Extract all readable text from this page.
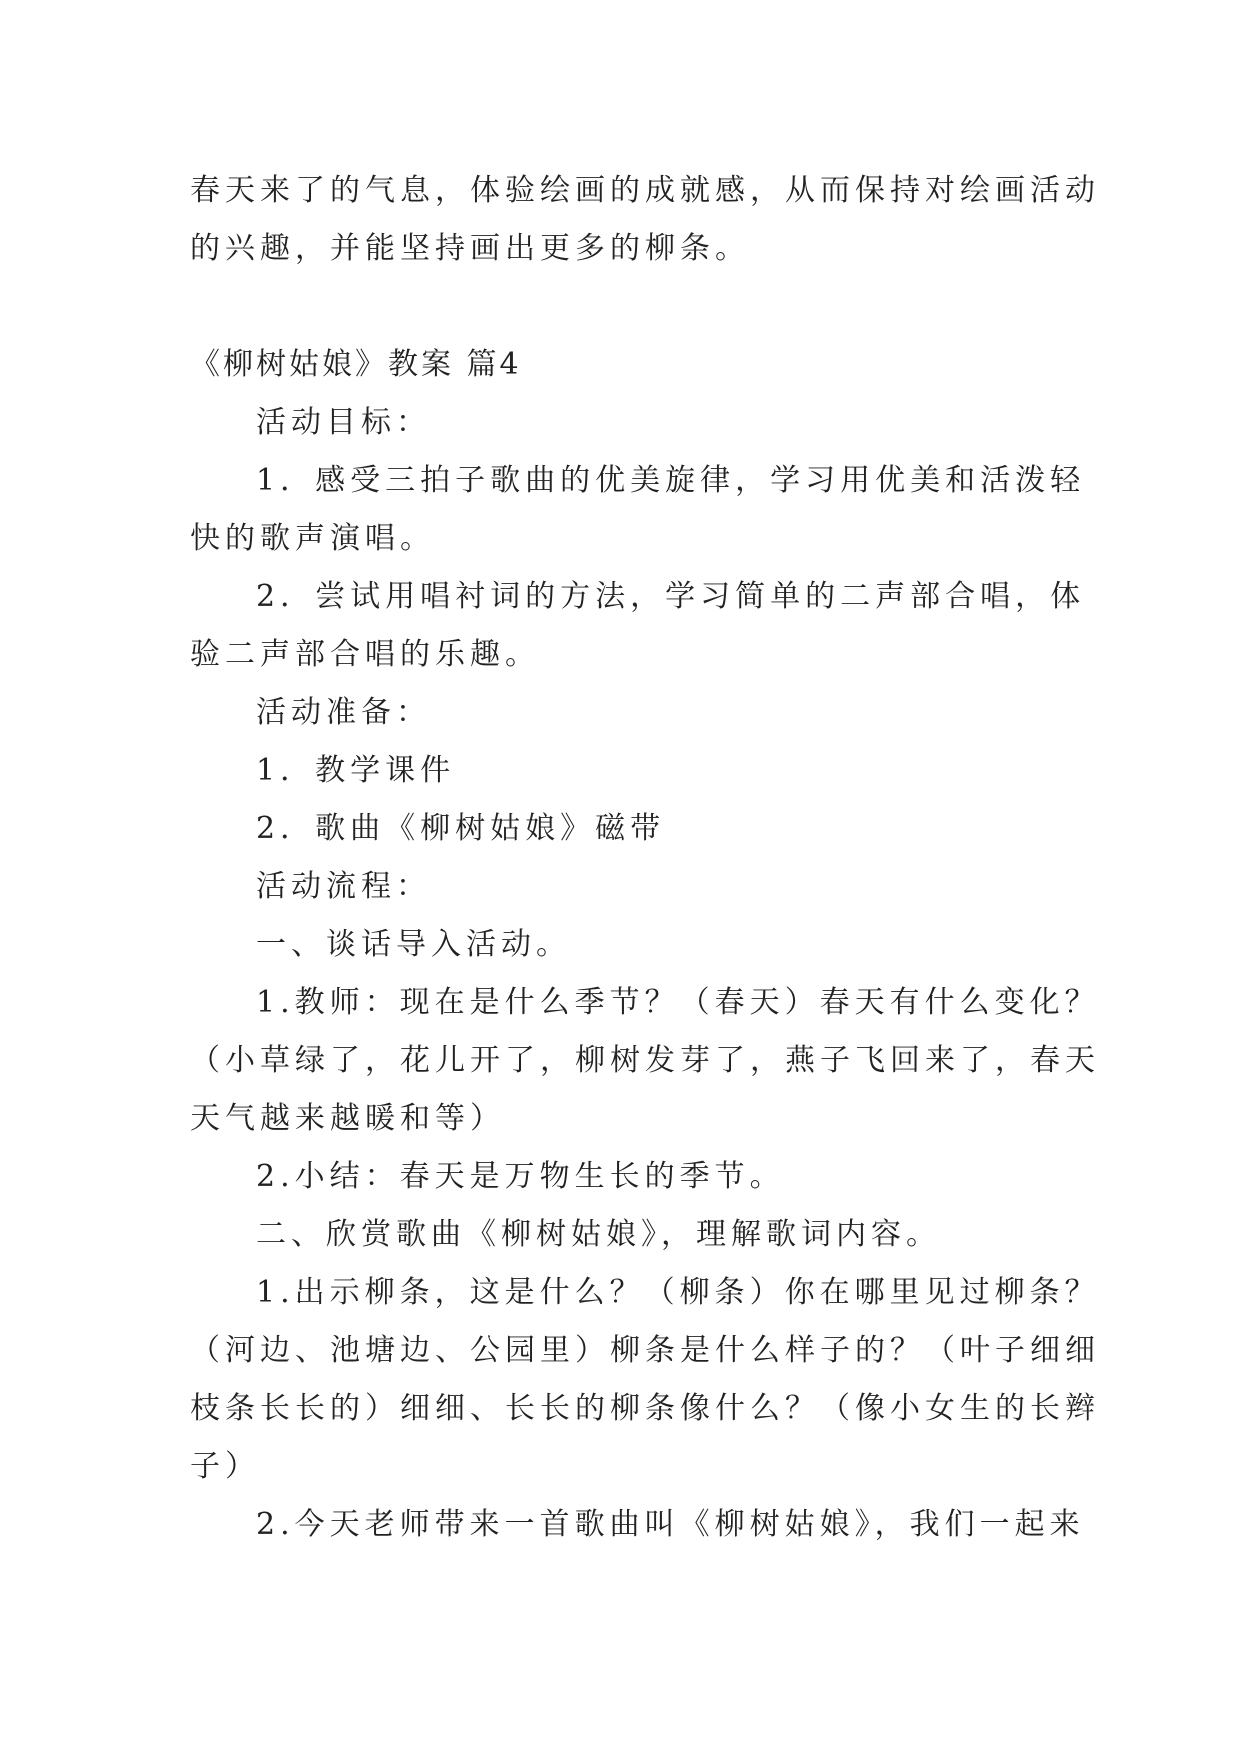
春天来了的气息，体验绘画的成就感，从而保持对绘画活动
的兴趣，并能坚持画出更多的柳条。
《柳树姑娘》教案 篇4
活动目标：
1．感受三拍子歌曲的优美旋律，学习用优美和活泼轻
快的歌声演唱。
2．尝试用唱衬词的方法，学习简单的二声部合唱，体
验二声部合唱的乐趣。
活动准备：
1．教学课件
2．歌曲《柳树姑娘》磁带
活动流程：
一、谈话导入活动。
1.教师：现在是什么季节？（春天）春天有什么变化？
（小草绿了，花儿开了，柳树发芽了，燕子飞回来了，春天
天气越来越暖和等）
2.小结：春天是万物生长的季节。
二、欣赏歌曲《柳树姑娘》，理解歌词内容。
1.出示柳条，这是什么？（柳条）你在哪里见过柳条？
（河边、池塘边、公园里）柳条是什么样子的？（叶子细细
枝条长长的）细细、长长的柳条像什么？（像小女生的长辫
子）
2.今天老师带来一首歌曲叫《柳树姑娘》，我们一起来
